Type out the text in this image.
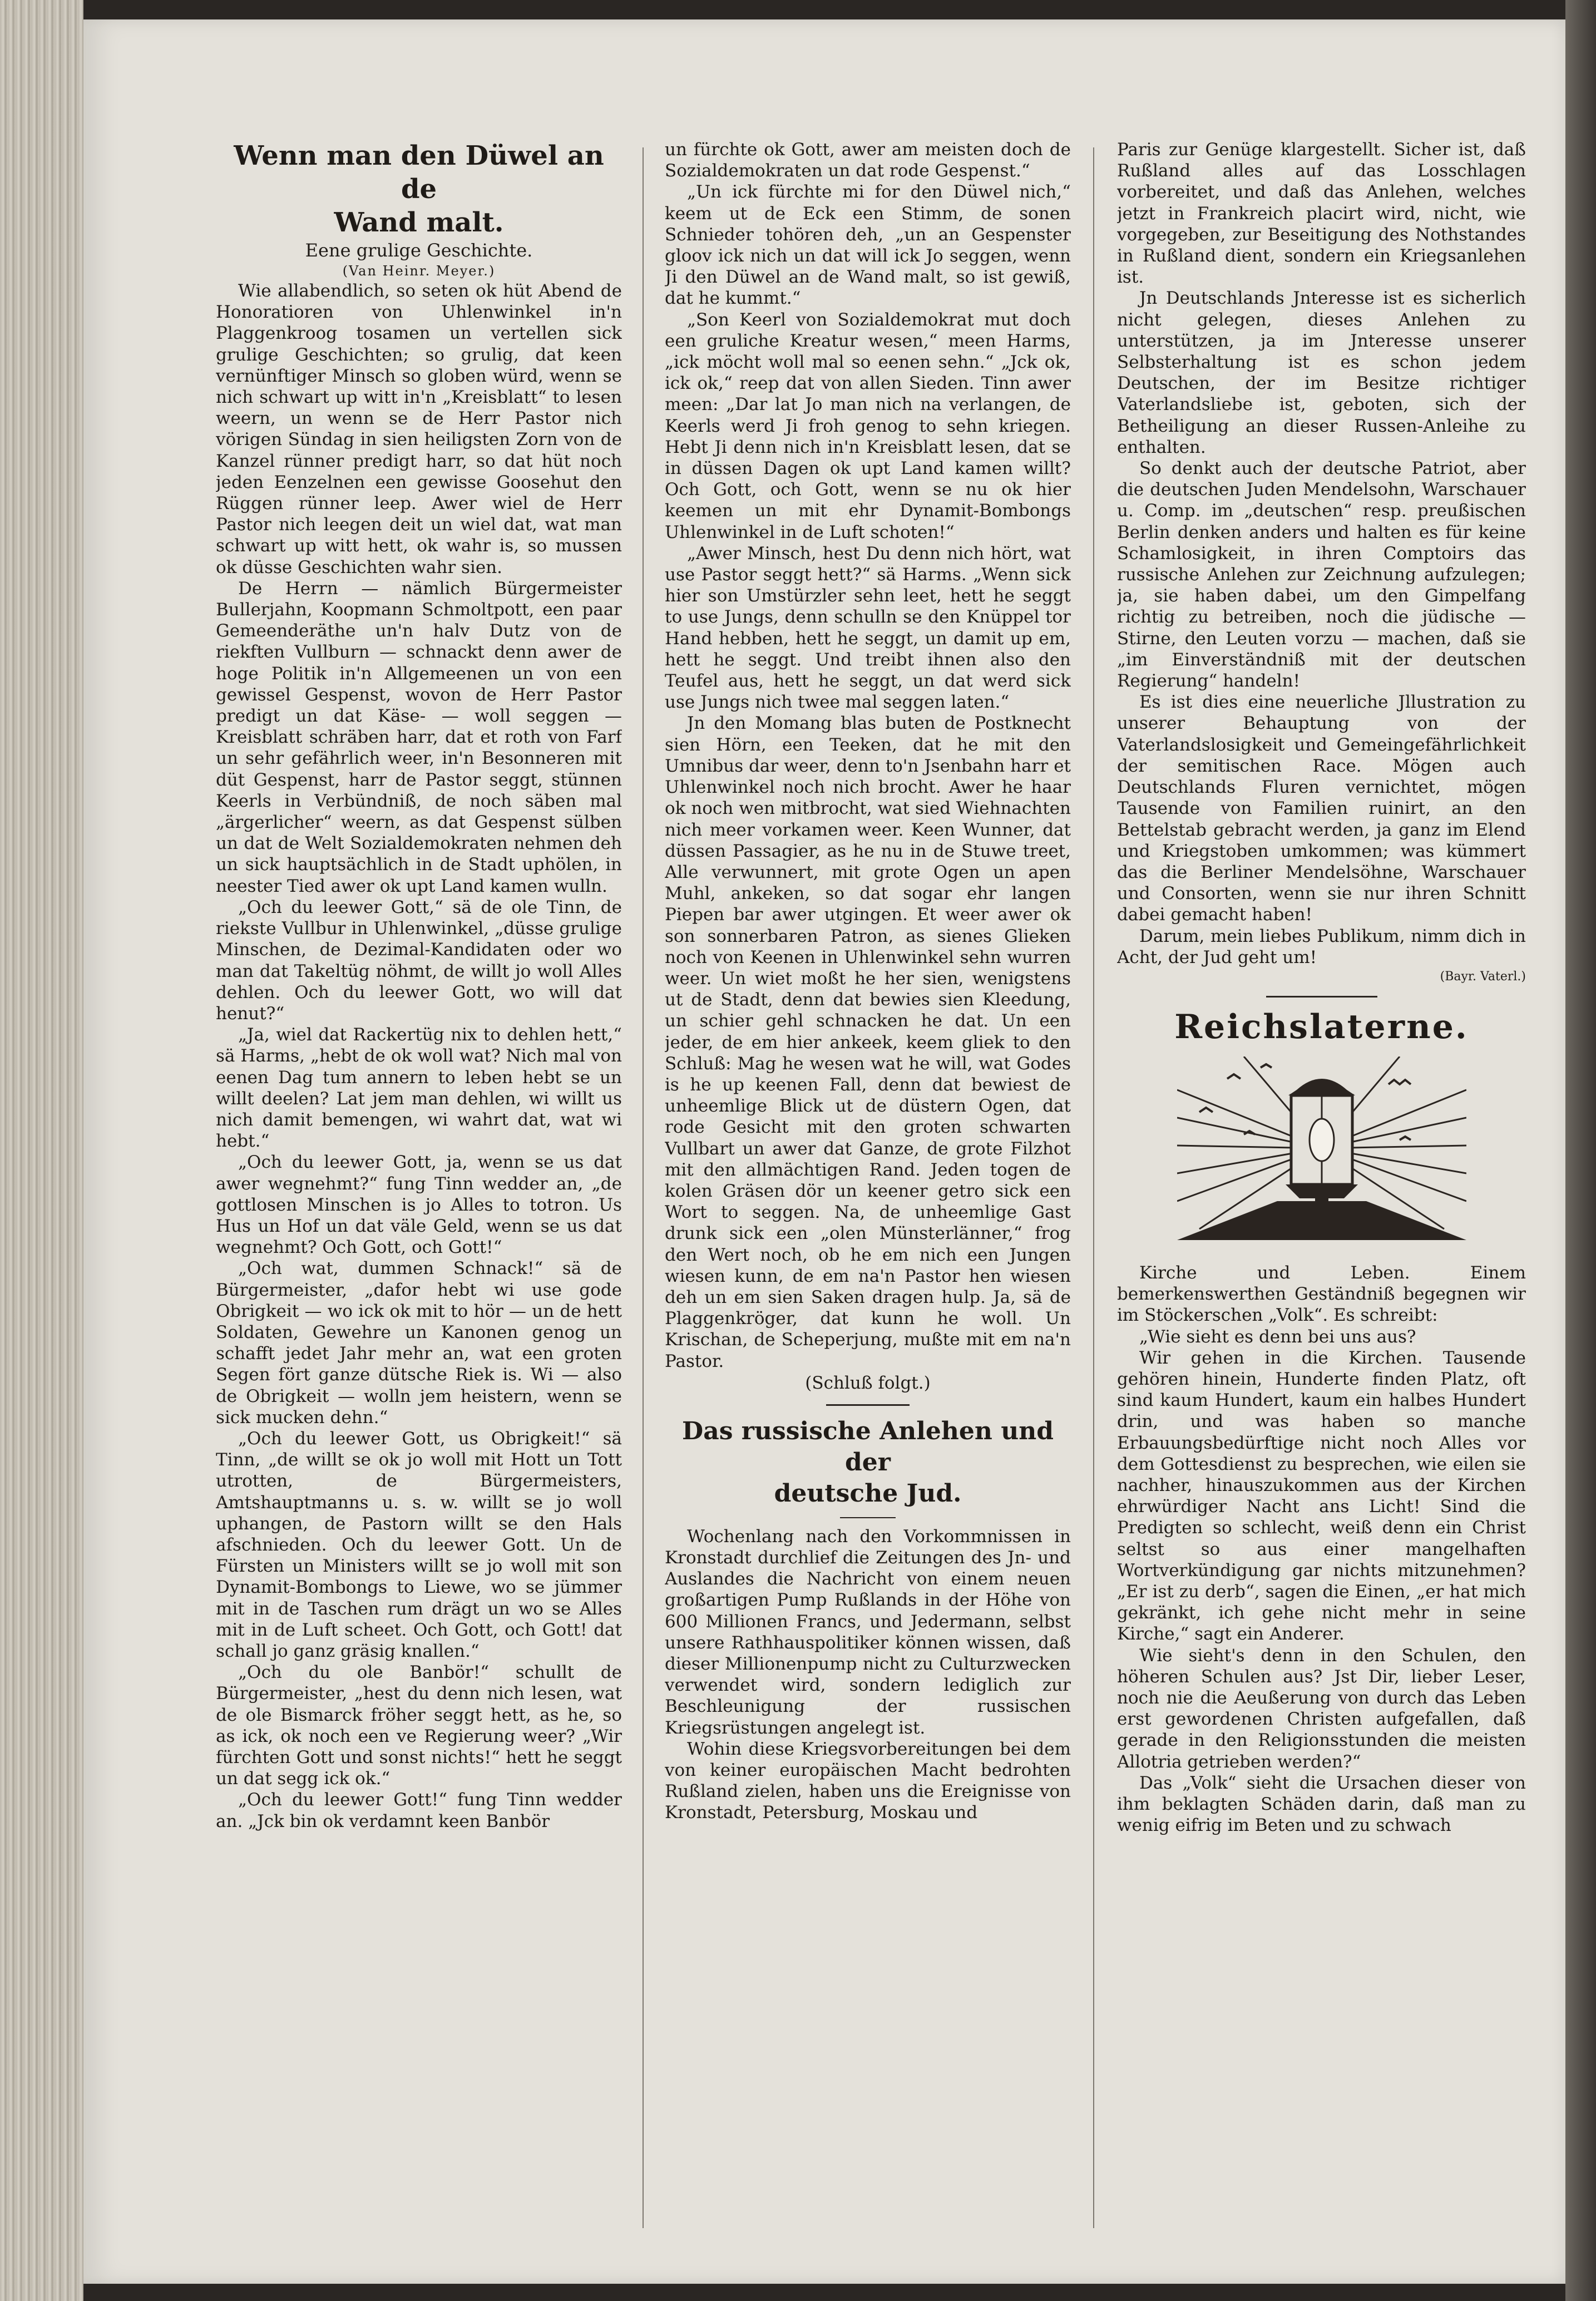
Wenn man den Düwel an de
Wand malt.
Eene grulige Geschichte.
(Van Heinr. Meyer.)

Wie allabendlich, so seten ok hüt Abend de Honoratioren von Uhlenwinkel in'n Plaggenkroog tosamen un vertellen sick grulige Geschichten; so grulig, dat keen vernünftiger Minsch so globen würd, wenn se nich schwart up witt in'n „Kreisblatt“ to lesen weern, un wenn se de Herr Pastor nich vörigen Sündag in sien heiligsten Zorn von de Kanzel rünner predigt harr, so dat hüt noch jeden Eenzelnen een gewisse Goosehut den Rüggen rünner leep. Awer wiel de Herr Pastor nich leegen deit un wiel dat, wat man schwart up witt hett, ok wahr is, so mussen ok düsse Geschichten wahr sien.

De Herrn — nämlich Bürgermeister Bullerjahn, Koopmann Schmoltpott, een paar Gemeenderäthe un'n halv Dutz von de riekften Vullburn — schnackt denn awer de hoge Politik in'n Allgemeenen un von een gewissel Gespenst, wovon de Herr Pastor predigt un dat Käse- — woll seggen — Kreisblatt schräben harr, dat et roth von Farf un sehr gefährlich weer, in'n Besonneren mit düt Gespenst, harr de Pastor seggt, stünnen Keerls in Verbündniß, de noch säben mal „ärgerlicher“ weern, as dat Gespenst sülben un dat de Welt Sozialdemokraten nehmen deh un sick hauptsächlich in de Stadt uphölen, in neester Tied awer ok upt Land kamen wulln.

„Och du leewer Gott,“ sä de ole Tinn, de riekste Vullbur in Uhlenwinkel, „düsse grulige Minschen, de Dezimal-Kandidaten oder wo man dat Takeltüg nöhmt, de willt jo woll Alles dehlen. Och du leewer Gott, wo will dat henut?“

„Ja, wiel dat Rackertüg nix to dehlen hett,“ sä Harms, „hebt de ok woll wat? Nich mal von eenen Dag tum annern to leben hebt se un willt deelen? Lat jem man dehlen, wi willt us nich damit bemengen, wi wahrt dat, wat wi hebt.“

„Och du leewer Gott, ja, wenn se us dat awer wegnehmt?“ fung Tinn wedder an, „de gottlosen Minschen is jo Alles to totron. Us Hus un Hof un dat väle Geld, wenn se us dat wegnehmt? Och Gott, och Gott!“

„Och wat, dummen Schnack!“ sä de Bürgermeister, „dafor hebt wi use gode Obrigkeit — wo ick ok mit to hör — un de hett Soldaten, Gewehre un Kanonen genog un schafft jedet Jahr mehr an, wat een groten Segen fört ganze dütsche Riek is. Wi — also de Obrigkeit — wolln jem heistern, wenn se sick mucken dehn.“

„Och du leewer Gott, us Obrigkeit!“ sä Tinn, „de willt se ok jo woll mit Hott un Tott utrotten, de Bürgermeisters, Amtshauptmanns u. s. w. willt se jo woll uphangen, de Pastorn willt se den Hals afschnieden. Och du leewer Gott. Un de Fürsten un Ministers willt se jo woll mit son Dynamit-Bombongs to Liewe, wo se jümmer mit in de Taschen rum drägt un wo se Alles mit in de Luft scheet. Och Gott, och Gott! dat schall jo ganz gräsig knallen.“

„Och du ole Banbör!“ schullt de Bürgermeister, „hest du denn nich lesen, wat de ole Bismarck fröher seggt hett, as he, so as ick, ok noch een ve Regierung weer? „Wir fürchten Gott und sonst nichts!“ hett he seggt un dat segg ick ok.“

„Och du leewer Gott!“ fung Tinn wedder an. „Jck bin ok verdamnt keen Banbör

un fürchte ok Gott, awer am meisten doch de Sozialdemokraten un dat rode Gespenst.“

„Un ick fürchte mi for den Düwel nich,“ keem ut de Eck een Stimm, de sonen Schnieder tohören deh, „un an Gespenster gloov ick nich un dat will ick Jo seggen, wenn Ji den Düwel an de Wand malt, so ist gewiß, dat he kummt.“

„Son Keerl von Sozialdemokrat mut doch een gruliche Kreatur wesen,“ meen Harms, „ick möcht woll mal so eenen sehn.“ „Jck ok, ick ok,“ reep dat von allen Sieden. Tinn awer meen: „Dar lat Jo man nich na verlangen, de Keerls werd Ji froh genog to sehn kriegen. Hebt Ji denn nich in'n Kreisblatt lesen, dat se in düssen Dagen ok upt Land kamen willt? Och Gott, och Gott, wenn se nu ok hier keemen un mit ehr Dynamit-Bombongs Uhlenwinkel in de Luft schoten!“

„Awer Minsch, hest Du denn nich hört, wat use Pastor seggt hett?“ sä Harms. „Wenn sick hier son Umstürzler sehn leet, hett he seggt to use Jungs, denn schulln se den Knüppel tor Hand hebben, hett he seggt, un damit up em, hett he seggt. Und treibt ihnen also den Teufel aus, hett he seggt, un dat werd sick use Jungs nich twee mal seggen laten.“

Jn den Momang blas buten de Postknecht sien Hörn, een Teeken, dat he mit den Umnibus dar weer, denn to'n Jsenbahn harr et Uhlenwinkel noch nich brocht. Awer he haar ok noch wen mitbrocht, wat sied Wiehnachten nich meer vorkamen weer. Keen Wunner, dat düssen Passagier, as he nu in de Stuwe treet, Alle verwunnert, mit grote Ogen un apen Muhl, ankeken, so dat sogar ehr langen Piepen bar awer utgingen. Et weer awer ok son sonnerbaren Patron, as sienes Glieken noch von Keenen in Uhlenwinkel sehn wurren weer. Un wiet moßt he her sien, wenigstens ut de Stadt, denn dat bewies sien Kleedung, un schier gehl schnacken he dat. Un een jeder, de em hier ankeek, keem gliek to den Schluß: Mag he wesen wat he will, wat Godes is he up keenen Fall, denn dat bewiest de unheemlige Blick ut de düstern Ogen, dat rode Gesicht mit den groten schwarten Vullbart un awer dat Ganze, de grote Filzhot mit den allmächtigen Rand. Jeden togen de kolen Gräsen dör un keener getro sick een Wort to seggen. Na, de unheemlige Gast drunk sick een „olen Münsterlänner,“ frog den Wert noch, ob he em nich een Jungen wiesen kunn, de em na'n Pastor hen wiesen deh un em sien Saken dragen hulp. Ja, sä de Plaggenkröger, dat kunn he woll. Un Krischan, de Scheperjung, mußte mit em na'n Pastor.

(Schluß folgt.)
Das russische Anlehen und der
deutsche Jud.

Wochenlang nach den Vorkommnissen in Kronstadt durchlief die Zeitungen des Jn- und Auslandes die Nachricht von einem neuen großartigen Pump Rußlands in der Höhe von 600 Millionen Francs, und Jedermann, selbst unsere Rathhauspolitiker können wissen, daß dieser Millionenpump nicht zu Culturzwecken verwendet wird, sondern lediglich zur Beschleunigung der russischen Kriegsrüstungen angelegt ist.

Wohin diese Kriegsvorbereitungen bei dem von keiner europäischen Macht bedrohten Rußland zielen, haben uns die Ereignisse von Kronstadt, Petersburg, Moskau und

Paris zur Genüge klargestellt. Sicher ist, daß Rußland alles auf das Losschlagen vorbereitet, und daß das Anlehen, welches jetzt in Frankreich placirt wird, nicht, wie vorgegeben, zur Beseitigung des Nothstandes in Rußland dient, sondern ein Kriegsanlehen ist.

Jn Deutschlands Jnteresse ist es sicherlich nicht gelegen, dieses Anlehen zu unterstützen, ja im Jnteresse unserer Selbsterhaltung ist es schon jedem Deutschen, der im Besitze richtiger Vaterlandsliebe ist, geboten, sich der Betheiligung an dieser Russen-Anleihe zu enthalten.

So denkt auch der deutsche Patriot, aber die deutschen Juden Mendelsohn, Warschauer u. Comp. im „deutschen“ resp. preußischen Berlin denken anders und halten es für keine Schamlosigkeit, in ihren Comptoirs das russische Anlehen zur Zeichnung aufzulegen; ja, sie haben dabei, um den Gimpelfang richtig zu betreiben, noch die jüdische — Stirne, den Leuten vorzu — machen, daß sie „im Einverständniß mit der deutschen Regierung“ handeln!

Es ist dies eine neuerliche Jllustration zu unserer Behauptung von der Vaterlandslosigkeit und Gemeingefährlichkeit der semitischen Race. Mögen auch Deutschlands Fluren vernichtet, mögen Tausende von Familien ruinirt, an den Bettelstab gebracht werden, ja ganz im Elend und Kriegstoben umkommen; was kümmert das die Berliner Mendelsöhne, Warschauer und Consorten, wenn sie nur ihren Schnitt dabei gemacht haben!

Darum, mein liebes Publikum, nimm dich in Acht, der Jud geht um!

(Bayr. Vaterl.)
Reichslaterne.

Kirche und Leben. Einem bemerkenswerthen Geständniß begegnen wir im Stöckerschen „Volk“. Es schreibt:

„Wie sieht es denn bei uns aus?

Wir gehen in die Kirchen. Tausende gehören hinein, Hunderte finden Platz, oft sind kaum Hundert, kaum ein halbes Hundert drin, und was haben so manche Erbauungsbedürftige nicht noch Alles vor dem Gottesdienst zu besprechen, wie eilen sie nachher, hinauszukommen aus der Kirchen ehrwürdiger Nacht ans Licht! Sind die Predigten so schlecht, weiß denn ein Christ seltst so aus einer mangelhaften Wortverkündigung gar nichts mitzunehmen? „Er ist zu derb“, sagen die Einen, „er hat mich gekränkt, ich gehe nicht mehr in seine Kirche,“ sagt ein Anderer.

Wie sieht's denn in den Schulen, den höheren Schulen aus? Jst Dir, lieber Leser, noch nie die Aeußerung von durch das Leben erst gewordenen Christen aufgefallen, daß gerade in den Religionsstunden die meisten Allotria getrieben werden?“

Das „Volk“ sieht die Ursachen dieser von ihm beklagten Schäden darin, daß man zu wenig eifrig im Beten und zu schwach
